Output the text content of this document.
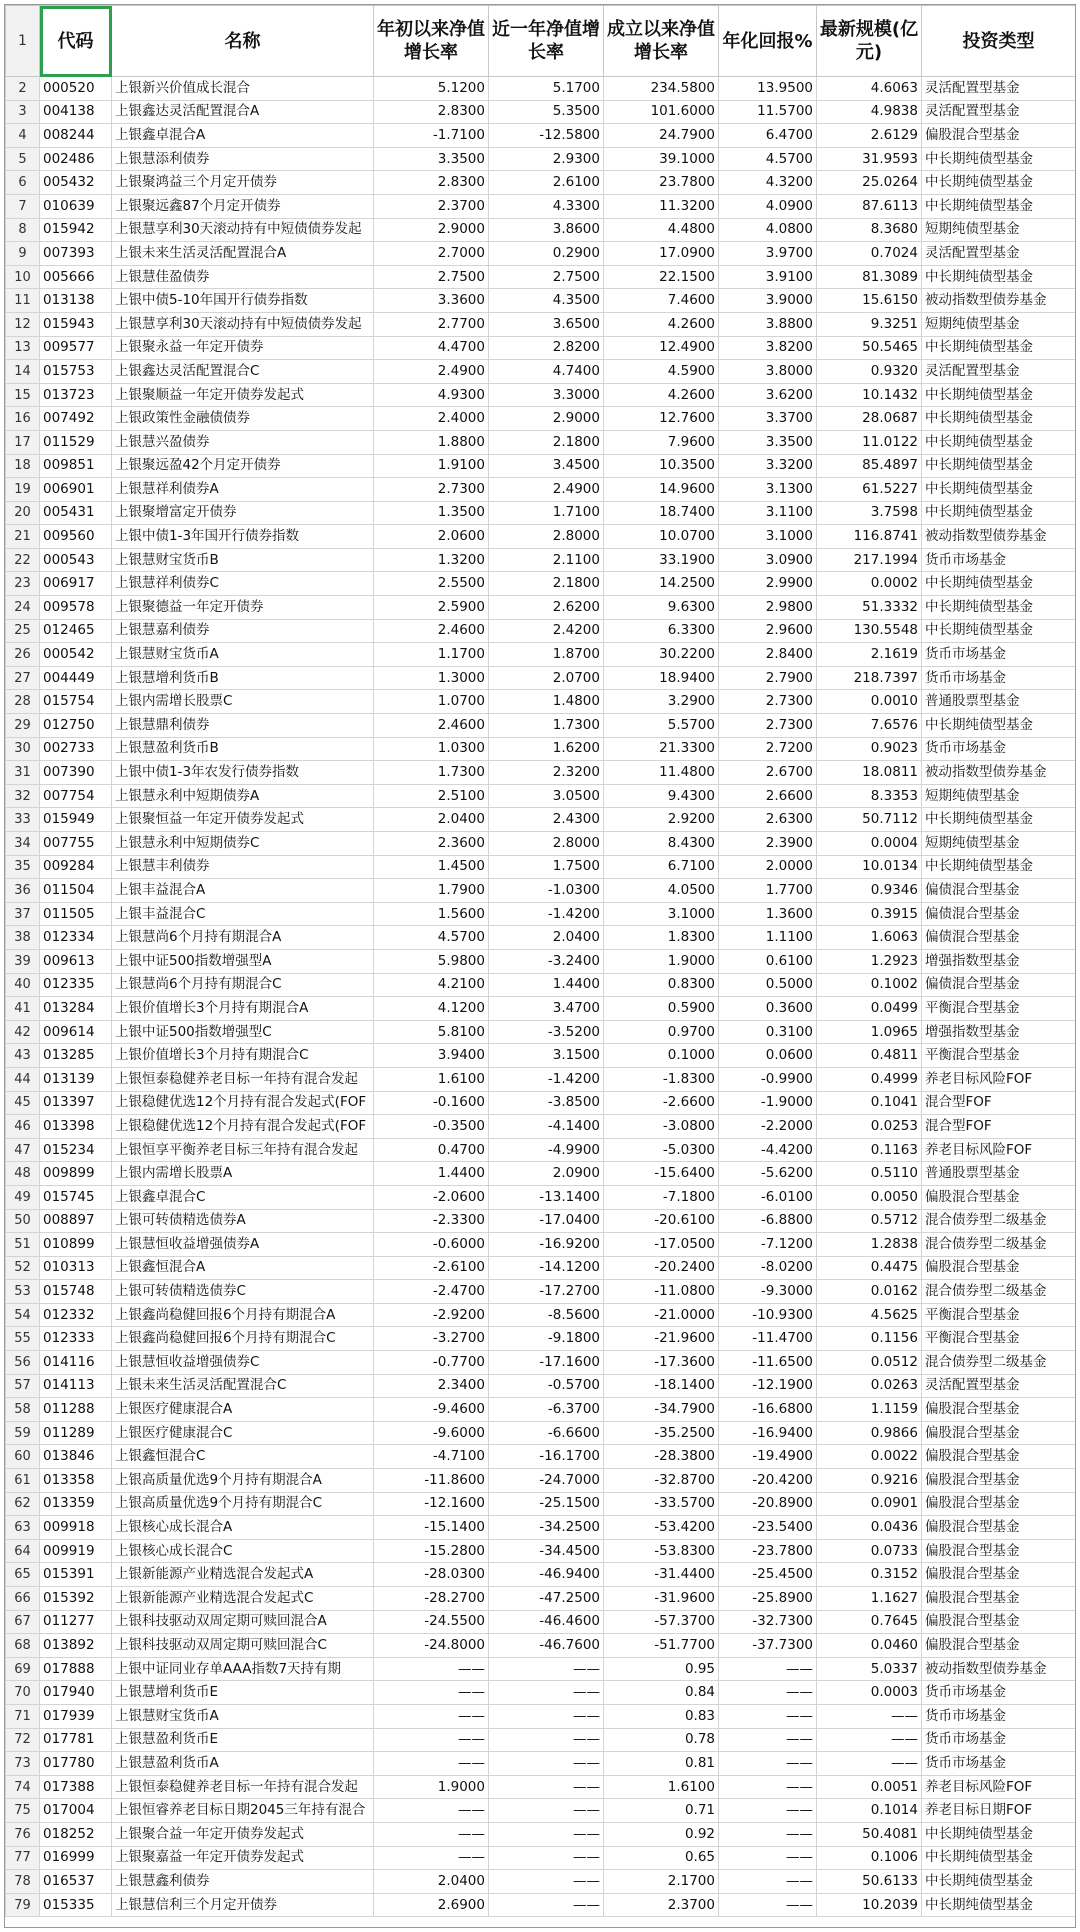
1	代码	名称	年初以来净值增长率	近一年净值增长率	成立以来净值增长率	年化回报%	最新规模(亿元)	投资类型
2	000520	上银新兴价值成长混合	5.1200	5.1700	234.5800	13.9500	4.6063	灵活配置型基金
3	004138	上银鑫达灵活配置混合A	2.8300	5.3500	101.6000	11.5700	4.9838	灵活配置型基金
4	008244	上银鑫卓混合A	-1.7100	-12.5800	24.7900	6.4700	2.6129	偏股混合型基金
5	002486	上银慧添利债券	3.3500	2.9300	39.1000	4.5700	31.9593	中长期纯债型基金
6	005432	上银聚鸿益三个月定开债券	2.8300	2.6100	23.7800	4.3200	25.0264	中长期纯债型基金
7	010639	上银聚远鑫87个月定开债券	2.3700	4.3300	11.3200	4.0900	87.6113	中长期纯债型基金
8	015942	上银慧享利30天滚动持有中短债债券发起	2.9000	3.8600	4.4800	4.0800	8.3680	短期纯债型基金
9	007393	上银未来生活灵活配置混合A	2.7000	0.2900	17.0900	3.9700	0.7024	灵活配置型基金
10	005666	上银慧佳盈债券	2.7500	2.7500	22.1500	3.9100	81.3089	中长期纯债型基金
11	013138	上银中债5-10年国开行债券指数	3.3600	4.3500	7.4600	3.9000	15.6150	被动指数型债券基金
12	015943	上银慧享利30天滚动持有中短债债券发起	2.7700	3.6500	4.2600	3.8800	9.3251	短期纯债型基金
13	009577	上银聚永益一年定开债券	4.4700	2.8200	12.4900	3.8200	50.5465	中长期纯债型基金
14	015753	上银鑫达灵活配置混合C	2.4900	4.7400	4.5900	3.8000	0.9320	灵活配置型基金
15	013723	上银聚顺益一年定开债券发起式	4.9300	3.3000	4.2600	3.6200	10.1432	中长期纯债型基金
16	007492	上银政策性金融债债券	2.4000	2.9000	12.7600	3.3700	28.0687	中长期纯债型基金
17	011529	上银慧兴盈债券	1.8800	2.1800	7.9600	3.3500	11.0122	中长期纯债型基金
18	009851	上银聚远盈42个月定开债券	1.9100	3.4500	10.3500	3.3200	85.4897	中长期纯债型基金
19	006901	上银慧祥利债券A	2.7300	2.4900	14.9600	3.1300	61.5227	中长期纯债型基金
20	005431	上银聚增富定开债券	1.3500	1.7100	18.7400	3.1100	3.7598	中长期纯债型基金
21	009560	上银中债1-3年国开行债券指数	2.0600	2.8000	10.0700	3.1000	116.8741	被动指数型债券基金
22	000543	上银慧财宝货币B	1.3200	2.1100	33.1900	3.0900	217.1994	货币市场基金
23	006917	上银慧祥利债券C	2.5500	2.1800	14.2500	2.9900	0.0002	中长期纯债型基金
24	009578	上银聚德益一年定开债券	2.5900	2.6200	9.6300	2.9800	51.3332	中长期纯债型基金
25	012465	上银慧嘉利债券	2.4600	2.4200	6.3300	2.9600	130.5548	中长期纯债型基金
26	000542	上银慧财宝货币A	1.1700	1.8700	30.2200	2.8400	2.1619	货币市场基金
27	004449	上银慧增利货币B	1.3000	2.0700	18.9400	2.7900	218.7397	货币市场基金
28	015754	上银内需增长股票C	1.0700	1.4800	3.2900	2.7300	0.0010	普通股票型基金
29	012750	上银慧鼎利债券	2.4600	1.7300	5.5700	2.7300	7.6576	中长期纯债型基金
30	002733	上银慧盈利货币B	1.0300	1.6200	21.3300	2.7200	0.9023	货币市场基金
31	007390	上银中债1-3年农发行债券指数	1.7300	2.3200	11.4800	2.6700	18.0811	被动指数型债券基金
32	007754	上银慧永利中短期债券A	2.5100	3.0500	9.4300	2.6600	8.3353	短期纯债型基金
33	015949	上银聚恒益一年定开债券发起式	2.0400	2.4300	2.9200	2.6300	50.7112	中长期纯债型基金
34	007755	上银慧永利中短期债券C	2.3600	2.8000	8.4300	2.3900	0.0004	短期纯债型基金
35	009284	上银慧丰利债券	1.4500	1.7500	6.7100	2.0000	10.0134	中长期纯债型基金
36	011504	上银丰益混合A	1.7900	-1.0300	4.0500	1.7700	0.9346	偏债混合型基金
37	011505	上银丰益混合C	1.5600	-1.4200	3.1000	1.3600	0.3915	偏债混合型基金
38	012334	上银慧尚6个月持有期混合A	4.5700	2.0400	1.8300	1.1100	1.6063	偏债混合型基金
39	009613	上银中证500指数增强型A	5.9800	-3.2400	1.9000	0.6100	1.2923	增强指数型基金
40	012335	上银慧尚6个月持有期混合C	4.2100	1.4400	0.8300	0.5000	0.1002	偏债混合型基金
41	013284	上银价值增长3个月持有期混合A	4.1200	3.4700	0.5900	0.3600	0.0499	平衡混合型基金
42	009614	上银中证500指数增强型C	5.8100	-3.5200	0.9700	0.3100	1.0965	增强指数型基金
43	013285	上银价值增长3个月持有期混合C	3.9400	3.1500	0.1000	0.0600	0.4811	平衡混合型基金
44	013139	上银恒泰稳健养老目标一年持有混合发起	1.6100	-1.4200	-1.8300	-0.9900	0.4999	养老目标风险FOF
45	013397	上银稳健优选12个月持有混合发起式(FOF	-0.1600	-3.8500	-2.6600	-1.9000	0.1041	混合型FOF
46	013398	上银稳健优选12个月持有混合发起式(FOF	-0.3500	-4.1400	-3.0800	-2.2000	0.0253	混合型FOF
47	015234	上银恒享平衡养老目标三年持有混合发起	0.4700	-4.9900	-5.0300	-4.4200	0.1163	养老目标风险FOF
48	009899	上银内需增长股票A	1.4400	2.0900	-15.6400	-5.6200	0.5110	普通股票型基金
49	015745	上银鑫卓混合C	-2.0600	-13.1400	-7.1800	-6.0100	0.0050	偏股混合型基金
50	008897	上银可转债精选债券A	-2.3300	-17.0400	-20.6100	-6.8800	0.5712	混合债券型二级基金
51	010899	上银慧恒收益增强债券A	-0.6000	-16.9200	-17.0500	-7.1200	1.2838	混合债券型二级基金
52	010313	上银鑫恒混合A	-2.6100	-14.1200	-20.2400	-8.0200	0.4475	偏股混合型基金
53	015748	上银可转债精选债券C	-2.4700	-17.2700	-11.0800	-9.3000	0.0162	混合债券型二级基金
54	012332	上银鑫尚稳健回报6个月持有期混合A	-2.9200	-8.5600	-21.0000	-10.9300	4.5625	平衡混合型基金
55	012333	上银鑫尚稳健回报6个月持有期混合C	-3.2700	-9.1800	-21.9600	-11.4700	0.1156	平衡混合型基金
56	014116	上银慧恒收益增强债券C	-0.7700	-17.1600	-17.3600	-11.6500	0.0512	混合债券型二级基金
57	014113	上银未来生活灵活配置混合C	2.3400	-0.5700	-18.1400	-12.1900	0.0263	灵活配置型基金
58	011288	上银医疗健康混合A	-9.4600	-6.3700	-34.7900	-16.6800	1.1159	偏股混合型基金
59	011289	上银医疗健康混合C	-9.6000	-6.6600	-35.2500	-16.9400	0.9866	偏股混合型基金
60	013846	上银鑫恒混合C	-4.7100	-16.1700	-28.3800	-19.4900	0.0022	偏股混合型基金
61	013358	上银高质量优选9个月持有期混合A	-11.8600	-24.7000	-32.8700	-20.4200	0.9216	偏股混合型基金
62	013359	上银高质量优选9个月持有期混合C	-12.1600	-25.1500	-33.5700	-20.8900	0.0901	偏股混合型基金
63	009918	上银核心成长混合A	-15.1400	-34.2500	-53.4200	-23.5400	0.0436	偏股混合型基金
64	009919	上银核心成长混合C	-15.2800	-34.4500	-53.8300	-23.7800	0.0733	偏股混合型基金
65	015391	上银新能源产业精选混合发起式A	-28.0300	-46.9400	-31.4400	-25.4500	0.3152	偏股混合型基金
66	015392	上银新能源产业精选混合发起式C	-28.2700	-47.2500	-31.9600	-25.8900	1.1627	偏股混合型基金
67	011277	上银科技驱动双周定期可赎回混合A	-24.5500	-46.4600	-57.3700	-32.7300	0.7645	偏股混合型基金
68	013892	上银科技驱动双周定期可赎回混合C	-24.8000	-46.7600	-51.7700	-37.7300	0.0460	偏股混合型基金
69	017888	上银中证同业存单AAA指数7天持有期	——	——	0.95	——	5.0337	被动指数型债券基金
70	017940	上银慧增利货币E	——	——	0.84	——	0.0003	货币市场基金
71	017939	上银慧财宝货币A	——	——	0.83	——	——	货币市场基金
72	017781	上银慧盈利货币E	——	——	0.78	——	——	货币市场基金
73	017780	上银慧盈利货币A	——	——	0.81	——	——	货币市场基金
74	017388	上银恒泰稳健养老目标一年持有混合发起	1.9000	——	1.6100	——	0.0051	养老目标风险FOF
75	017004	上银恒睿养老目标日期2045三年持有混合	——	——	0.71	——	0.1014	养老目标日期FOF
76	018252	上银聚合益一年定开债券发起式	——	——	0.92	——	50.4081	中长期纯债型基金
77	016999	上银聚嘉益一年定开债券发起式	——	——	0.65	——	0.1006	中长期纯债型基金
78	016537	上银慧鑫利债券	2.0400	——	2.1700	——	50.6133	中长期纯债型基金
79	015335	上银慧信利三个月定开债券	2.6900	——	2.3700	——	10.2039	中长期纯债型基金
